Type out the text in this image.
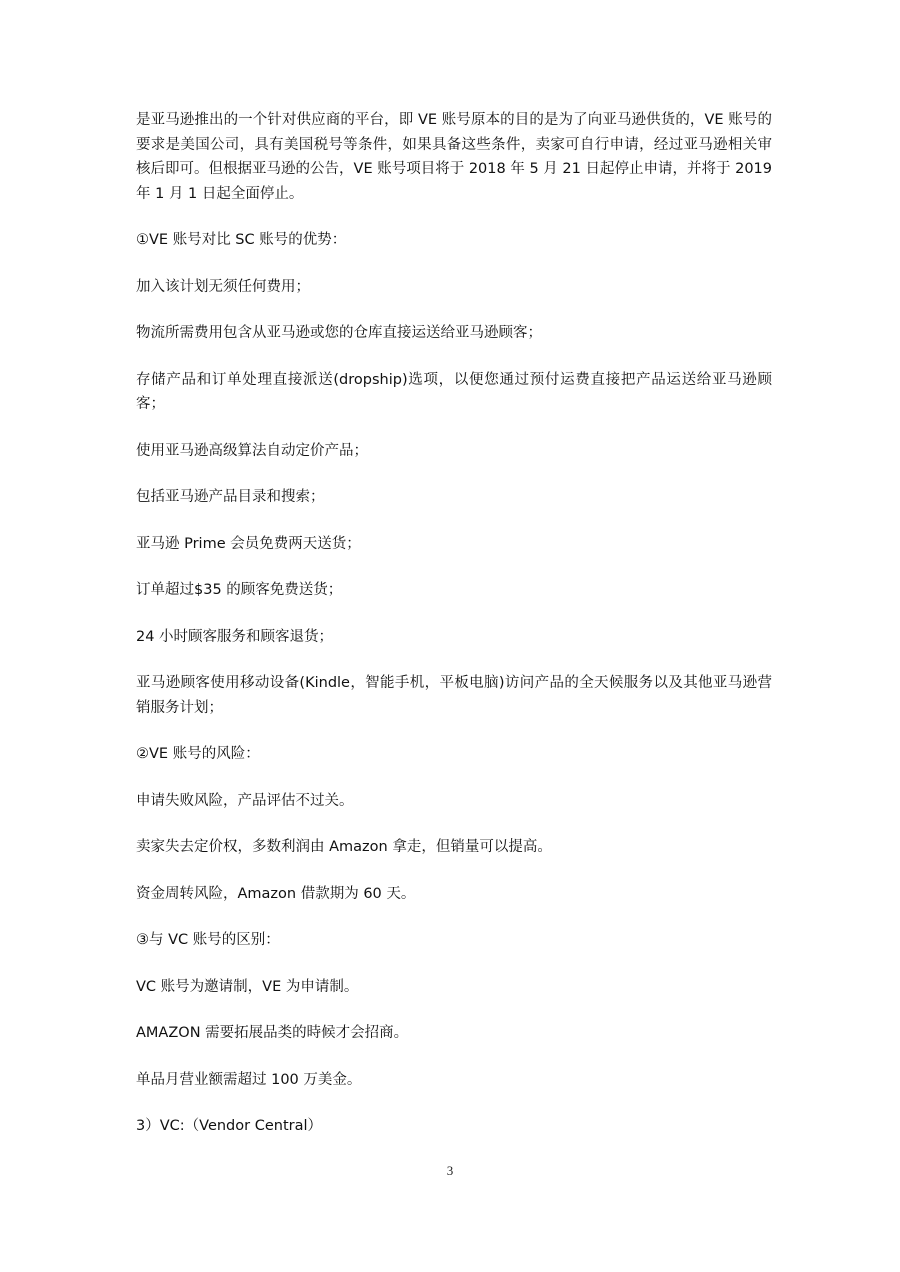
是亚马逊推出的一个针对供应商的平台，即 VE 账号原本的目的是为了向亚马逊供货的，VE 账号的要求是美国公司，具有美国税号等条件，如果具备这些条件，卖家可自行申请，经过亚马逊相关审核后即可。但根据亚马逊的公告，VE 账号项目将于 2018 年 5 月 21 日起停止申请，并将于 2019 年 1 月 1 日起全面停止。

①VE 账号对比 SC 账号的优势：

加入该计划无须任何费用；

物流所需费用包含从亚马逊或您的仓库直接运送给亚马逊顾客；

存储产品和订单处理直接派送(dropship)选项，以便您通过预付运费直接把产品运送给亚马逊顾客；

使用亚马逊高级算法自动定价产品；

包括亚马逊产品目录和搜索；

亚马逊 Prime 会员免费两天送货；

订单超过$35 的顾客免费送货；

24 小时顾客服务和顾客退货；

亚马逊顾客使用移动设备(Kindle，智能手机，平板电脑)访问产品的全天候服务以及其他亚马逊营销服务计划；

②VE 账号的风险：

申请失败风险，产品评估不过关。

卖家失去定价权，多数利润由 Amazon 拿走，但销量可以提高。

资金周转风险，Amazon 借款期为 60 天。

③与 VC 账号的区别：

VC 账号为邀请制，VE 为申请制。

AMAZON 需要拓展品类的時候才会招商。

单品月营业额需超过 100 万美金。

3）VC:（Vendor Central）

3
